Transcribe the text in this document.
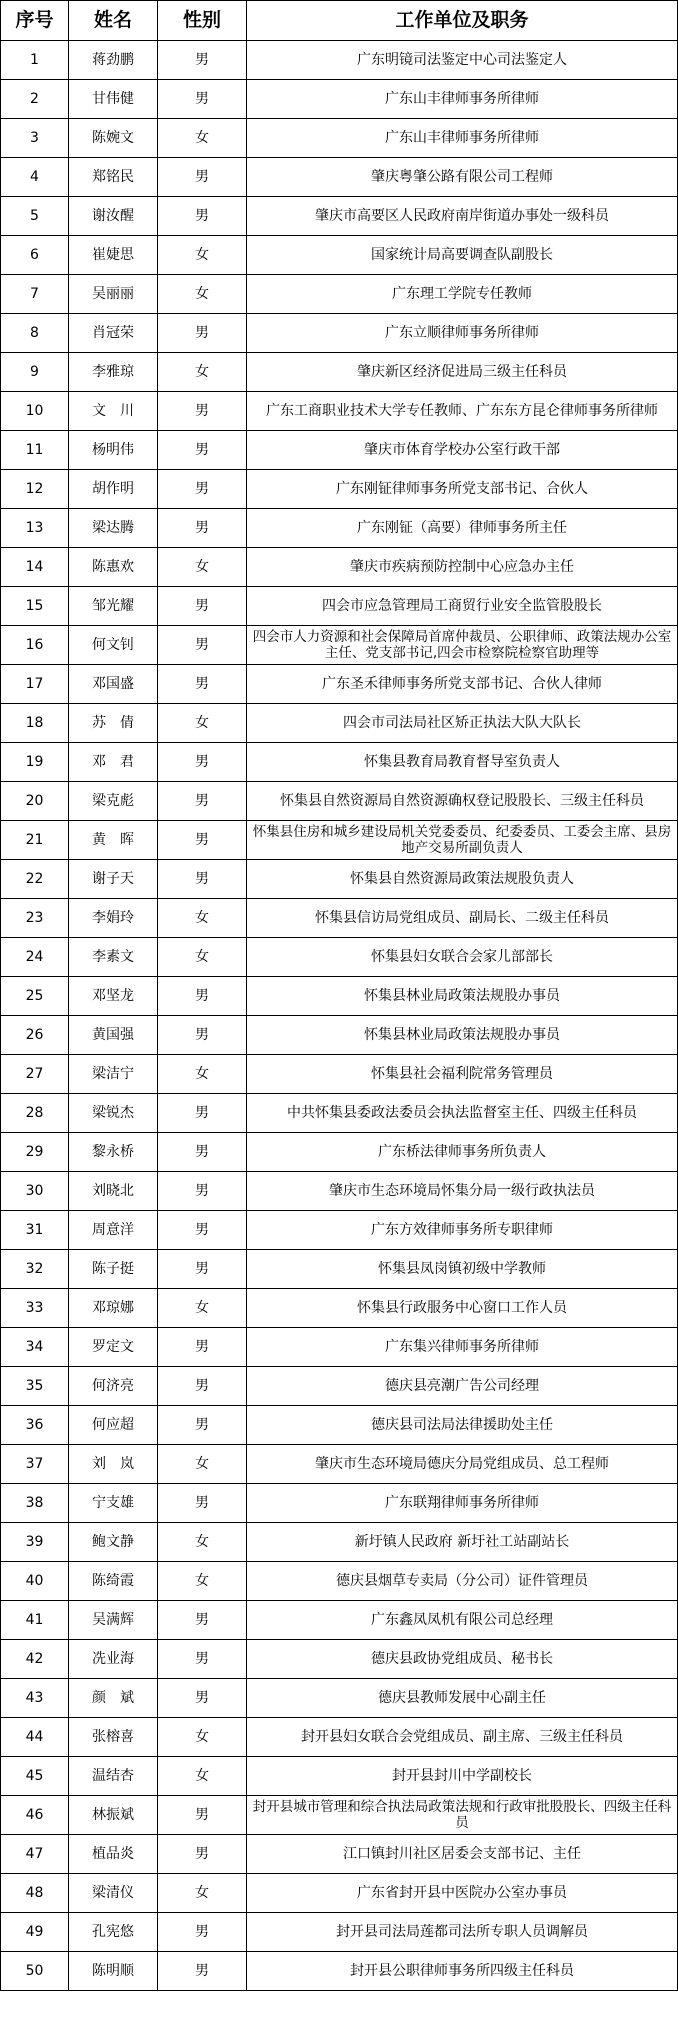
序号	姓名	性别	工作单位及职务
1	蒋劲鹏	男	广东明镜司法鉴定中心司法鉴定人
2	甘伟健	男	广东山丰律师事务所律师
3	陈婉文	女	广东山丰律师事务所律师
4	郑铭民	男	肇庆粤肇公路有限公司工程师
5	谢汝醒	男	肇庆市高要区人民政府南岸街道办事处一级科员
6	崔婕思	女	国家统计局高要调查队副股长
7	吴丽丽	女	广东理工学院专任教师
8	肖冠荣	男	广东立顺律师事务所律师
9	李雅琼	女	肇庆新区经济促进局三级主任科员
10	文　川	男	广东工商职业技术大学专任教师、广东东方昆仑律师事务所律师
11	杨明伟	男	肇庆市体育学校办公室行政干部
12	胡作明	男	广东刚钲律师事务所党支部书记、合伙人
13	梁达腾	男	广东刚钲（高要）律师事务所主任
14	陈惠欢	女	肇庆市疾病预防控制中心应急办主任
15	邹光耀	男	四会市应急管理局工商贸行业安全监管股股长
16	何文钊	男	四会市人力资源和社会保障局首席仲裁员、公职律师、政策法规办公室主任、党支部书记,四会市检察院检察官助理等
17	邓国盛	男	广东圣禾律师事务所党支部书记、合伙人律师
18	苏　倩	女	四会市司法局社区矫正执法大队大队长
19	邓　君	男	怀集县教育局教育督导室负责人
20	梁克彪	男	怀集县自然资源局自然资源确权登记股股长、三级主任科员
21	黄　晖	男	怀集县住房和城乡建设局机关党委委员、纪委委员、工委会主席、县房地产交易所副负责人
22	谢子天	男	怀集县自然资源局政策法规股负责人
23	李娟玲	女	怀集县信访局党组成员、副局长、二级主任科员
24	李素文	女	怀集县妇女联合会家儿部部长
25	邓坚龙	男	怀集县林业局政策法规股办事员
26	黄国强	男	怀集县林业局政策法规股办事员
27	梁洁宁	女	怀集县社会福利院常务管理员
28	梁锐杰	男	中共怀集县委政法委员会执法监督室主任、四级主任科员
29	黎永桥	男	广东桥法律师事务所负责人
30	刘晓北	男	肇庆市生态环境局怀集分局一级行政执法员
31	周意洋	男	广东方效律师事务所专职律师
32	陈子挺	男	怀集县凤岗镇初级中学教师
33	邓琼娜	女	怀集县行政服务中心窗口工作人员
34	罗定文	男	广东集兴律师事务所律师
35	何济亮	男	德庆县亮潮广告公司经理
36	何应超	男	德庆县司法局法律援助处主任
37	刘　岚	女	肇庆市生态环境局德庆分局党组成员、总工程师
38	宁支雄	男	广东联翔律师事务所律师
39	鲍文静	女	新圩镇人民政府 新圩社工站副站长
40	陈绮霞	女	德庆县烟草专卖局（分公司）证件管理员
41	吴满辉	男	广东鑫凤凤机有限公司总经理
42	冼业海	男	德庆县政协党组成员、秘书长
43	颜　斌	男	德庆县教师发展中心副主任
44	张榕喜	女	封开县妇女联合会党组成员、副主席、三级主任科员
45	温结杏	女	封开县封川中学副校长
46	林振斌	男	封开县城市管理和综合执法局政策法规和行政审批股股长、四级主任科员
47	植品炎	男	江口镇封川社区居委会支部书记、主任
48	梁清仪	女	广东省封开县中医院办公室办事员
49	孔宪悠	男	封开县司法局莲都司法所专职人员调解员
50	陈明顺	男	封开县公职律师事务所四级主任科员
